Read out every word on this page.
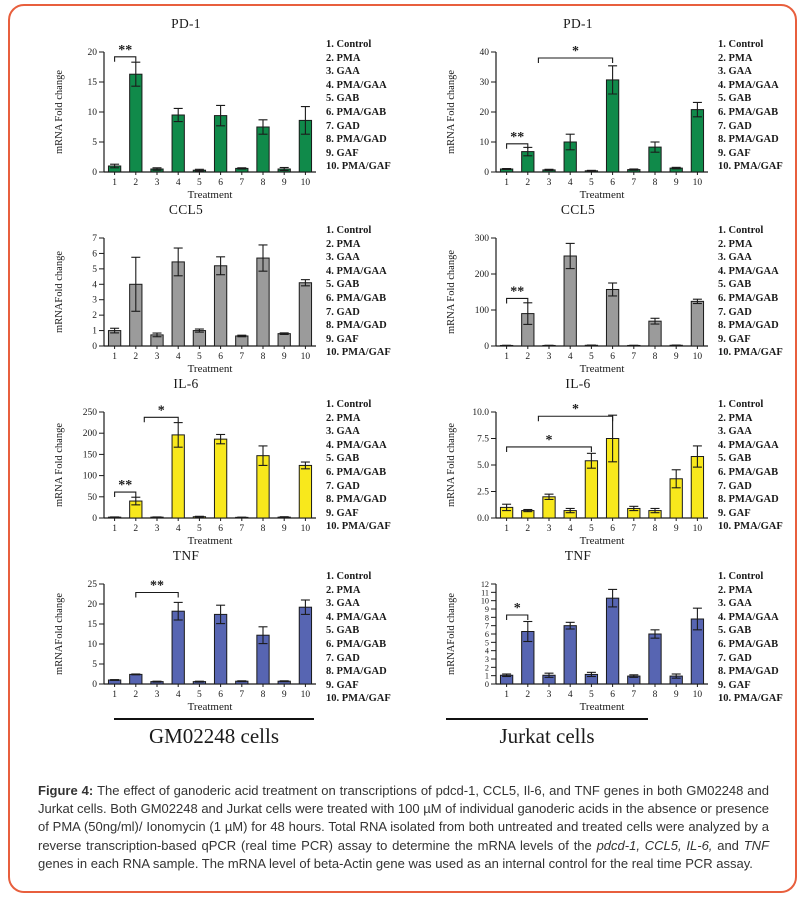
PD-1
0
5
10
15
20
1 2 3 4 5 6 7 8 9 10
Treatment
mRNA Fold change
**	1. Control
2. PMA
3. GAA
4. PMA/GAA
5. GAB
6. PMA/GAB
7. GAD
8. PMA/GAD
9. GAF
10. PMA/GAF
PD-1
0
10
20
30
40
1 2 3 4 5 6 7 8 9 10
Treatment
mRNA Fold change	**
*	1. Control
2. PMA
3. GAA
4. PMA/GAA
5. GAB
6. PMA/GAB
7. GAD
8. PMA/GAD
9. GAF
10. PMA/GAF
CCL5
0
1
2
3
4
5
6
7
1 2 3 4 5 6 7 8 9 10
Treatment
mRNAFold change
1. Control
2. PMA
3. GAA
4. PMA/GAA
5. GAB
6. PMA/GAB
7. GAD
8. PMA/GAD
9. GAF
10. PMA/GAF
CCL5
0
100
200
300
1 2 3 4 5 6 7 8 9 10
Treatment
mRNA Fold change	**
1. Control
2. PMA
3. GAA
4. PMA/GAA
5. GAB
6. PMA/GAB
7. GAD
8. PMA/GAD
9. GAF
10. PMA/GAF
IL-6
0
50
100
150
200
250
1 2 3 4 5 6 7 8 9 10
Treatment
mRNA Fold change	**
*	1. Control
2. PMA
3. GAA
4. PMA/GAA
5. GAB
6. PMA/GAB
7. GAD
8. PMA/GAD
9. GAF
10. PMA/GAF
IL-6
0.0
2.5
5.0
7.5
10.0
1 2 3 4 5 6 7 8 9 10
Treatment
mRNA Fold change	*
*	1. Control
2. PMA
3. GAA
4. PMA/GAA
5. GAB
6. PMA/GAB
7. GAD
8. PMA/GAD
9. GAF
10. PMA/GAF
TNF
0
5
10
15
20
25
1 2 3 4 5 6 7 8 9 10
Treatment
mRNAFold change
**
1. Control
2. PMA
3. GAA
4. PMA/GAA
5. GAB
6. PMA/GAB
7. GAD
8. PMA/GAD
9. GAF
10. PMA/GAF
TNF
0
1
2
3
4
5
6
7
8
9
10
11
12
1 2 3 4 5 6 7 8 9 10
Treatment
mRNAFold change	*
1. Control
2. PMA
3. GAA
4. PMA/GAA
5. GAB
6. PMA/GAB
7. GAD
8. PMA/GAD
9. GAF
10. PMA/GAF
GM02248 cells	Jurkat cells
Figure 4: The effect of ganoderic acid treatment on transcriptions of pdcd-1, CCL5, Il-6, and TNF genes in both GM02248 and Jurkat cells. Both GM02248 and Jurkat cells were treated with 100 µM of individual ganoderic acids in the absence or presence of PMA (50ng/ml)/ Ionomycin (1 µM) for 48 hours. Total RNA isolated from both untreated and treated cells were analyzed by a reverse transcription-based qPCR (real time PCR) assay to determine the mRNA levels of the pdcd-1, CCL5, IL-6, and TNF genes in each RNA sample. The mRNA level of beta-Actin gene was used as an internal control for the real time PCR assay.
